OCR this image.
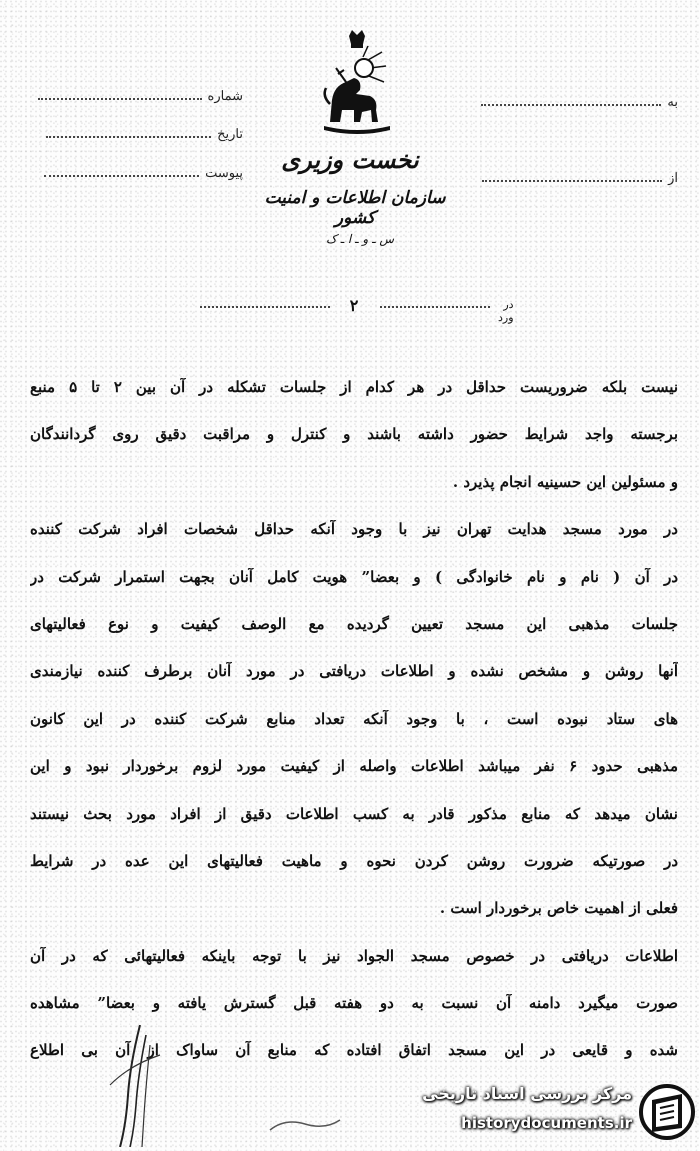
شماره
تاریخ
پیوست
به
از
نخست وزیری
سازمان اطلاعات و امنیت کشور
س ـ و ـ ا ـ ک
۲	در ورد
نیست بلکه ضروریست حداقل در هر کدام از جلسات تشکله در آن بین ۲ تا ۵ منبع
برجسته واجد شرایط حضور داشته باشند و کنترل و مراقبت دقیق روی گردانندگان
و مسئولین این حسینیه انجام پذیرد .
در مورد مسجد هدایت تهران نیز با وجود آنکه حداقل شخصات افراد شرکت کننده
در آن ( نام و نام خانوادگی ) و بعضا” هویت کامل آنان بجهت استمرار شرکت در
جلسات مذهبی این مسجد تعیین گردیده مع الوصف کیفیت و نوع فعالیتهای
آنها روشن و مشخص نشده و اطلاعات دریافتی در مورد آنان برطرف کننده نیازمندی
های ستاد نبوده است ، با وجود آنکه تعداد منابع شرکت کننده در این کانون
مذهبی حدود ۶ نفر میباشد اطلاعات واصله از کیفیت مورد لزوم برخوردار نبود و این
نشان میدهد که منابع مذکور قادر به کسب اطلاعات دقیق از افراد مورد بحث نیستند
در صورتیکه ضرورت روشن کردن نحوه و ماهیت فعالیتهای این عده در شرایط
فعلی از اهمیت خاص برخوردار است .
اطلاعات دریافتی در خصوص مسجد الجواد نیز با توجه باینکه فعالیتهائی که در آن
صورت میگیرد دامنه آن نسبت به دو هفته قبل گسترش یافته و بعضا” مشاهده
شده و قایعی در این مسجد اتفاق افتاده که منابع آن ساواک از آن بی اطلاع
مرکز بررسی اسناد تاریخی
historydocuments.ir
